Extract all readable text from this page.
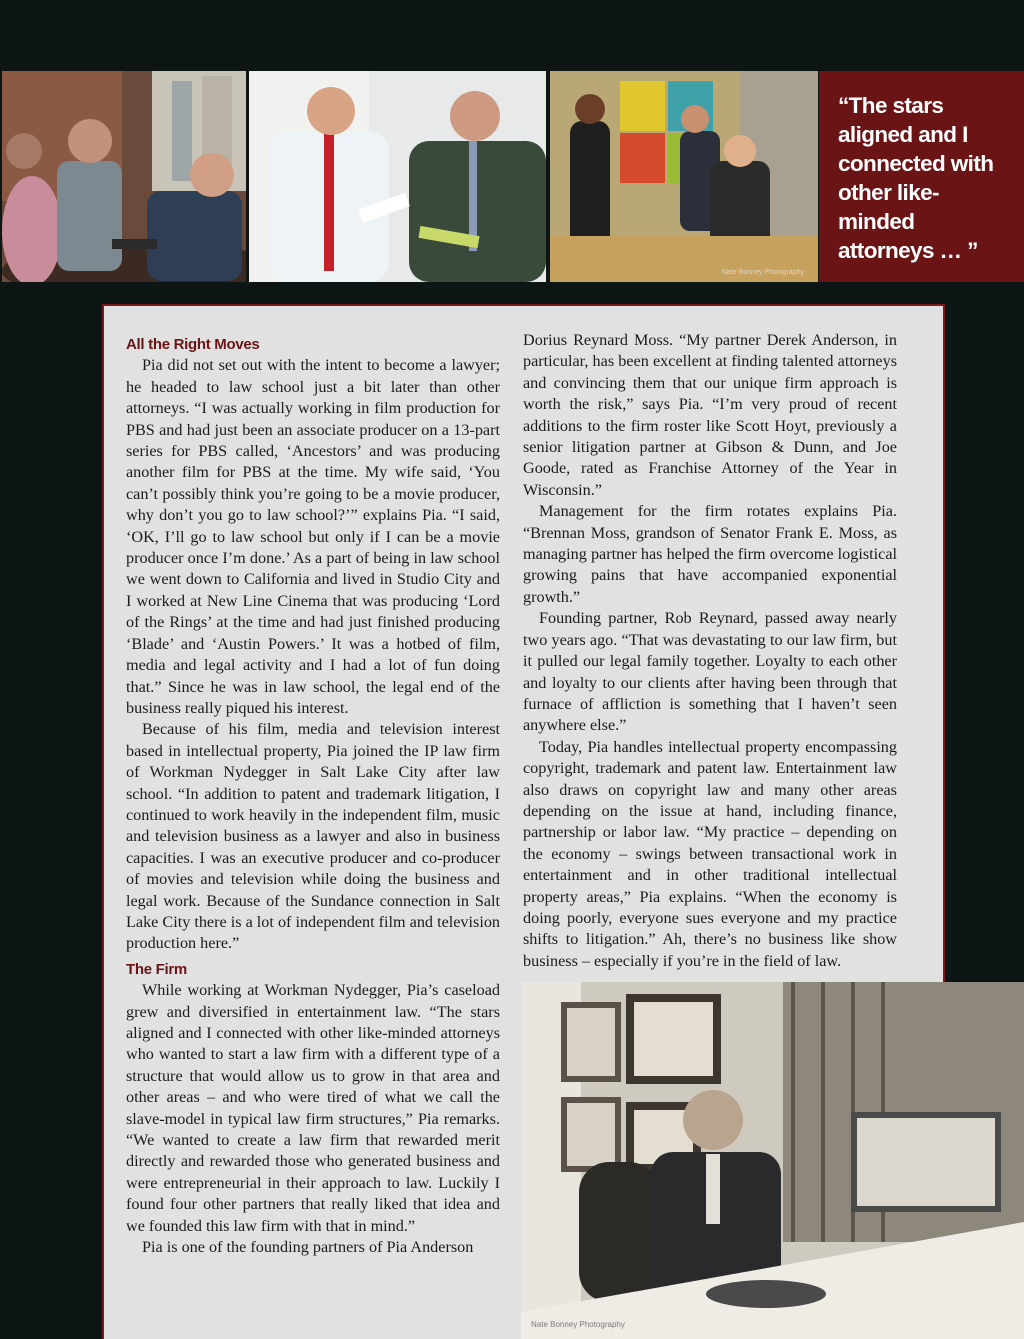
Nate Bonney Photography
“The stars aligned and I connected with other like-minded attorneys … ”
All the Right Moves

Pia did not set out with the intent to become a lawyer; he headed to law school just a bit later than other attorneys. “I was actually working in film production for PBS and had just been an associate producer on a 13-part series for PBS called, ‘Ancestors’ and was producing another film for PBS at the time. My wife said, ‘You can’t possibly think you’re going to be a movie producer, why don’t you go to law school?’” explains Pia. “I said, ‘OK, I’ll go to law school but only if I can be a movie producer once I’m done.’ As a part of being in law school we went down to California and lived in Studio City and I worked at New Line Cinema that was producing ‘Lord of the Rings’ at the time and had just finished producing ‘Blade’ and ‘Austin Powers.’ It was a hotbed of film, media and legal activity and I had a lot of fun doing that.” Since he was in law school, the legal end of the business really piqued his interest.

Because of his film, media and television interest based in intellectual property, Pia joined the IP law firm of Workman Nydegger in Salt Lake City after law school. “In addition to patent and trademark litigation, I continued to work heavily in the independent film, music and television business as a lawyer and also in business capacities. I was an executive producer and co-producer of movies and television while doing the business and legal work. Because of the Sundance connection in Salt Lake City there is a lot of independent film and television production here.”

The Firm

While working at Workman Nydegger, Pia’s caseload grew and diversified in entertainment law. “The stars aligned and I connected with other like-minded attorneys who wanted to start a law firm with a different type of a structure that would allow us to grow in that area and other areas – and who were tired of what we call the slave-model in typical law firm structures,” Pia remarks. “We wanted to create a law firm that rewarded merit directly and rewarded those who generated business and were entrepreneurial in their approach to law. Luckily I found four other partners that really liked that idea and we founded this law firm with that in mind.”

Pia is one of the founding partners of Pia Anderson

Dorius Reynard Moss. “My partner Derek Anderson, in particular, has been excellent at finding talented attorneys and convincing them that our unique firm approach is worth the risk,” says Pia. “I’m very proud of recent additions to the firm roster like Scott Hoyt, previously a senior litigation partner at Gibson & Dunn, and Joe Goode, rated as Franchise Attorney of the Year in Wisconsin.”

Management for the firm rotates explains Pia. “Brennan Moss, grandson of Senator Frank E. Moss, as managing partner has helped the firm overcome logistical growing pains that have accompanied exponential growth.”

Founding partner, Rob Reynard, passed away nearly two years ago. “That was devastating to our law firm, but it pulled our legal family together. Loyalty to each other and loyalty to our clients after having been through that furnace of affliction is something that I haven’t seen anywhere else.”

Today, Pia handles intellectual property encompassing copyright, trademark and patent law. Entertainment law also draws on copyright law and many other areas depending on the issue at hand, including finance, partnership or labor law. “My practice – depending on the economy – swings between transactional work in entertainment and in other traditional intellectual property areas,” Pia explains. “When the economy is doing poorly, everyone sues everyone and my practice shifts to litigation.” Ah, there’s no business like show business – especially if you’re in the field of law.

Nate Bonney Photography
